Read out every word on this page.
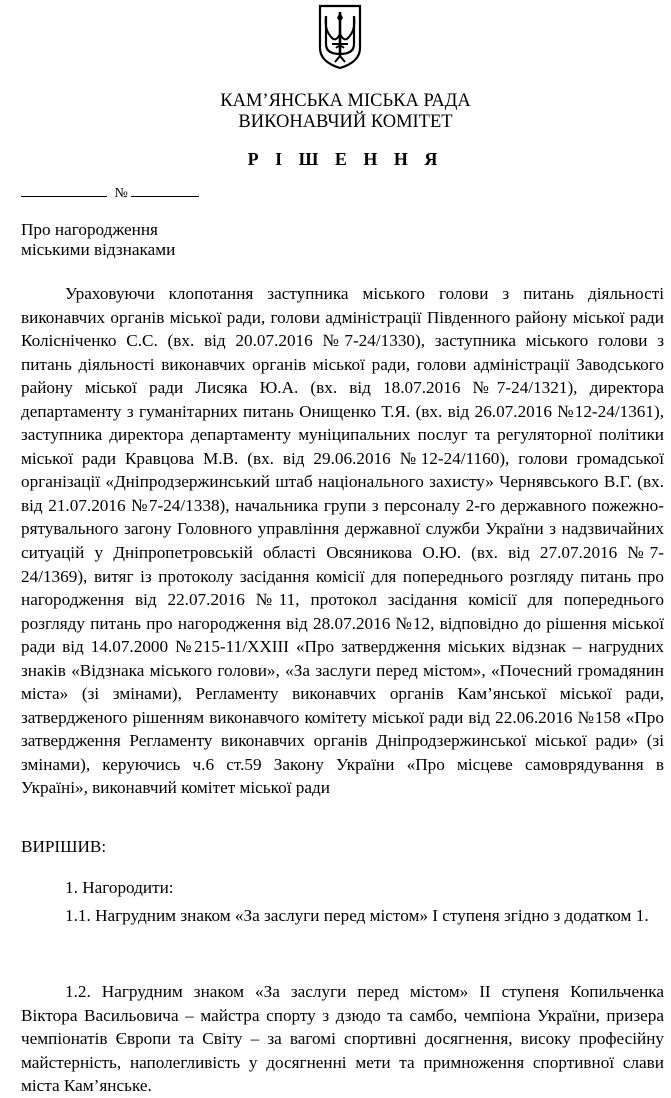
КАМ’ЯНСЬКА МІСЬКА РАДА
ВИКОНАВЧИЙ КОМІТЕТ
Р І Ш Е Н Н Я
№
Про нагородження
міськими відзнаками
Ураховуючи клопотання заступника міського голови з питань діяльності виконавчих органів міської ради, голови адміністрації Південного району міської ради Колісніченко С.С. (вх. від 20.07.2016 №7-24/1330), заступника міського голови з питань діяльності виконавчих органів міської ради, голови адміністрації Заводського району міської ради Лисяка Ю.А. (вх. від 18.07.2016 №7-24/1321), директора департаменту з гуманітарних питань Онищенко Т.Я. (вх. від 26.07.2016 №12-24/1361), заступника директора департаменту муніципальних послуг та регуляторної політики міської ради Кравцова М.В. (вх. від 29.06.2016 №12-24/1160), голови громадської організації «Дніпродзержинський штаб національного захисту» Чернявського В.Г. (вх. від 21.07.2016 №7-24/1338), начальника групи з персоналу 2-го державного пожежно-рятувального загону Головного управління державної служби України з надзвичайних ситуацій у Дніпропетровській області Овсяникова О.Ю. (вх. від 27.07.2016 №7-24/1369), витяг із протоколу засідання комісії для попереднього розгляду питань про нагородження від 22.07.2016 №11, протокол засідання комісії для попереднього розгляду питань про нагородження від 28.07.2016 №12, відповідно до рішення міської ради від 14.07.2000 №215-11/XXIII «Про затвердження міських відзнак – нагрудних знаків «Відзнака міського голови», «За заслуги перед містом», «Почесний громадянин міста» (зі змінами), Регламенту виконавчих органів Кам’янської міської ради, затвердженого рішенням виконавчого комітету міської ради від 22.06.2016 №158 «Про затвердження Регламенту виконавчих органів Дніпродзержинської міської ради» (зі змінами), керуючись ч.6 ст.59 Закону України «Про місцеве самоврядування в Україні», виконавчий комітет міської ради
ВИРІШИВ:
1. Нагородити:
1.1. Нагрудним знаком «За заслуги перед містом» I ступеня згідно з додатком 1.
1.2. Нагрудним знаком «За заслуги перед містом» II ступеня Копильченка Віктора Васильовича – майстра спорту з дзюдо та самбо, чемпіона України, призера чемпіонатів Європи та Світу – за вагомі спортивні досягнення, високу професійну майстерність, наполегливість у досягненні мети та примноження спортивної слави міста Кам’янське.
